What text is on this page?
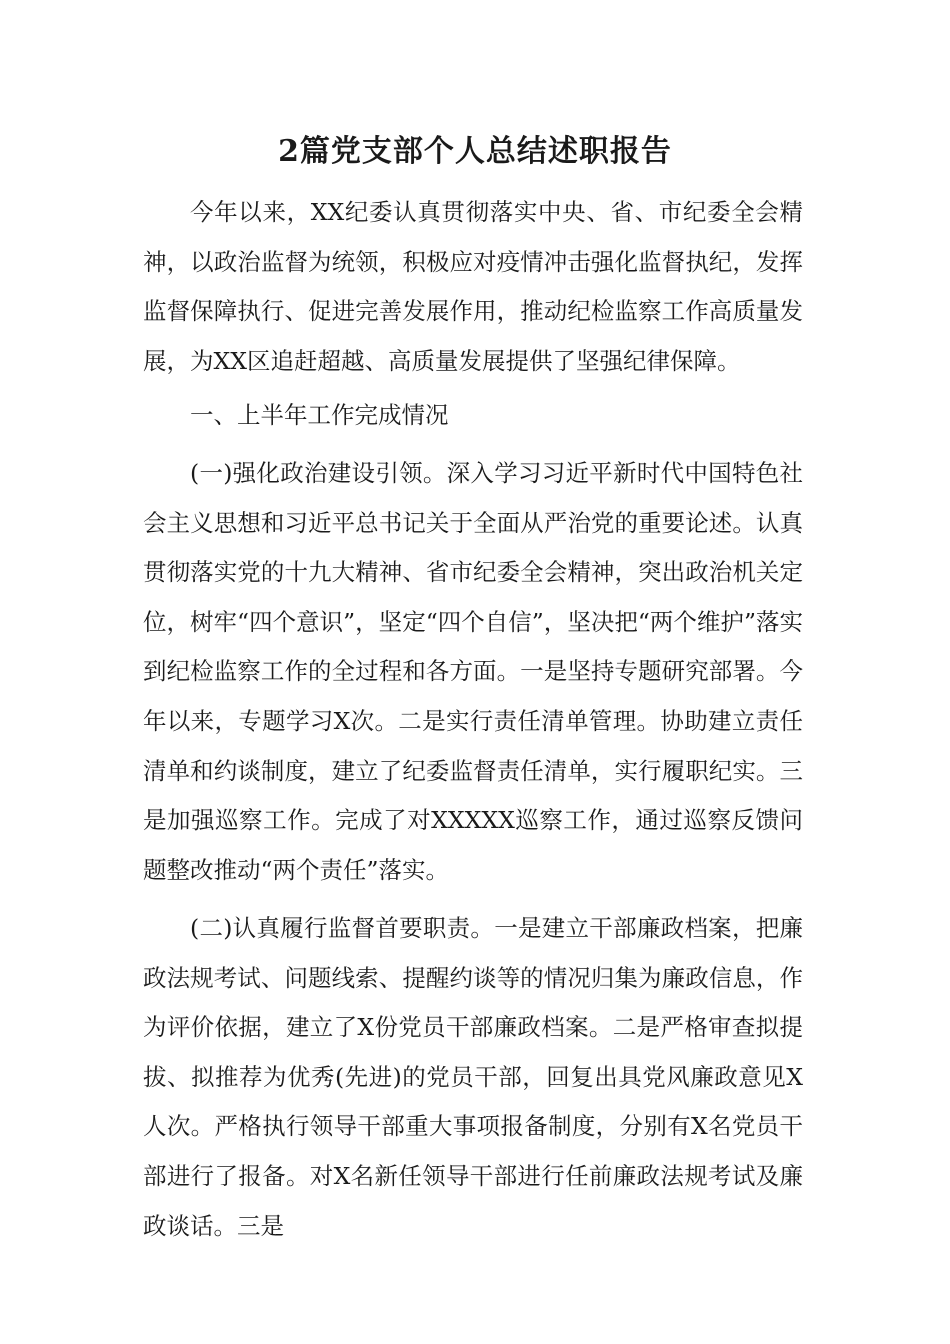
2篇党支部个人总结述职报告

今年以来，XX纪委认真贯彻落实中央、省、市纪委全会精神，以政治监督为统领，积极应对疫情冲击强化监督执纪，发挥监督保障执行、促进完善发展作用，推动纪检监察工作高质量发展，为XX区追赶超越、高质量发展提供了坚强纪律保障。

一、上半年工作完成情况

(一)强化政治建设引领。深入学习习近平新时代中国特色社会主义思想和习近平总书记关于全面从严治党的重要论述。认真贯彻落实党的十九大精神、省市纪委全会精神，突出政治机关定位，树牢“四个意识”，坚定“四个自信”，坚决把“两个维护”落实到纪检监察工作的全过程和各方面。一是坚持专题研究部署。今年以来，专题学习X次。二是实行责任清单管理。协助建立责任清单和约谈制度，建立了纪委监督责任清单，实行履职纪实。三是加强巡察工作。完成了对XXXXX巡察工作，通过巡察反馈问题整改推动“两个责任”落实。

(二)认真履行监督首要职责。一是建立干部廉政档案，把廉政法规考试、问题线索、提醒约谈等的情况归集为廉政信息，作为评价依据，建立了X份党员干部廉政档案。二是严格审查拟提拔、拟推荐为优秀(先进)的党员干部，回复出具党风廉政意见X人次。严格执行领导干部重大事项报备制度，分别有X名党员干部进行了报备。对X名新任领导干部进行任前廉政法规考试及廉政谈话。三是
